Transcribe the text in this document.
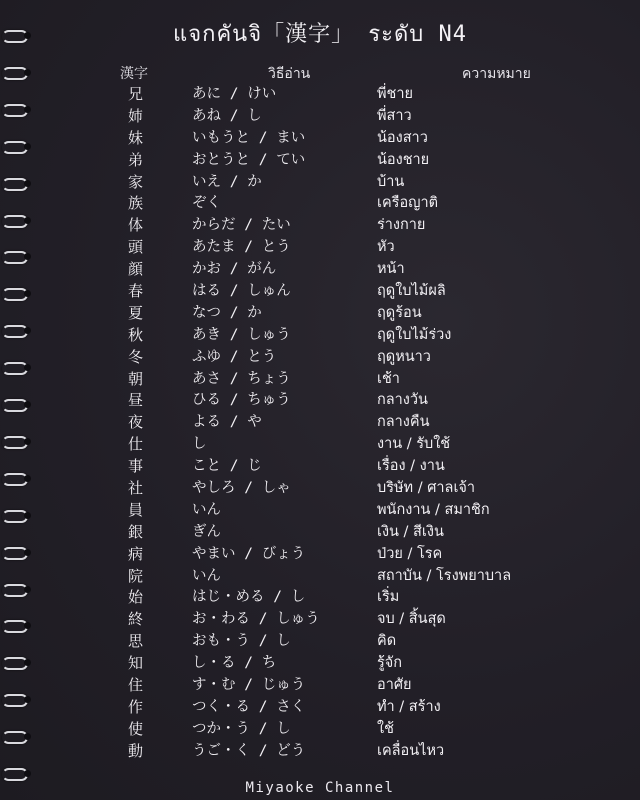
แจกคันจิ「漢字」 ระดับ N4
漢字	วิธีอ่าน	ความหมาย
兄	あに / けい	พี่ชาย
姉	あね / し	พี่สาว
妹	いもうと / まい	น้องสาว
弟	おとうと / てい	น้องชาย
家	いえ / か	บ้าน
族	ぞく	เครือญาติ
体	からだ / たい	ร่างกาย
頭	あたま / とう	หัว
顔	かお / がん	หน้า
春	はる / しゅん	ฤดูใบไม้ผลิ
夏	なつ / か	ฤดูร้อน
秋	あき / しゅう	ฤดูใบไม้ร่วง
冬	ふゆ / とう	ฤดูหนาว
朝	あさ / ちょう	เช้า
昼	ひる / ちゅう	กลางวัน
夜	よる / や	กลางคืน
仕	し	งาน / รับใช้
事	こと / じ	เรื่อง / งาน
社	やしろ / しゃ	บริษัท / ศาลเจ้า
員	いん	พนักงาน / สมาชิก
銀	ぎん	เงิน / สีเงิน
病	やまい / びょう	ป่วย / โรค
院	いん	สถาบัน / โรงพยาบาล
始	はじ・める / し	เริ่ม
終	お・わる / しゅう	จบ / สิ้นสุด
思	おも・う / し	คิด
知	し・る / ち	รู้จัก
住	す・む / じゅう	อาศัย
作	つく・る / さく	ทำ / สร้าง
使	つか・う / し	ใช้
動	うご・く / どう	เคลื่อนไหว
Miyaoke Channel
